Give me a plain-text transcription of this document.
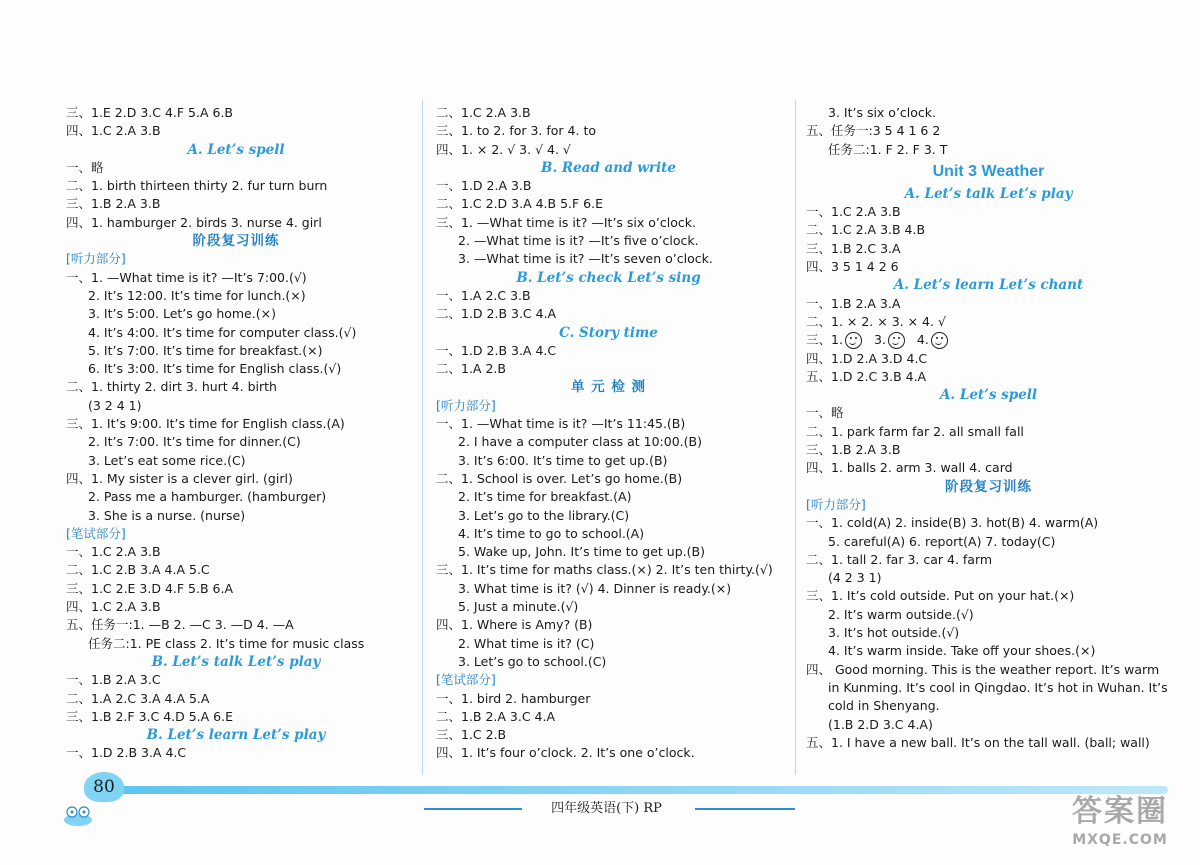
三、1.E 2.D 3.C 4.F 5.A 6.B
四、1.C 2.A 3.B
A. Let’s spell
一、略
二、1. birth thirteen thirty 2. fur turn burn
三、1.B 2.A 3.B
四、1. hamburger 2. birds 3. nurse 4. girl
阶段复习训练
[听力部分]
一、1. —What time is it? —It’s 7:00.(√)
2. It’s 12:00. It’s time for lunch.(×)
3. It’s 5:00. Let’s go home.(×)
4. It’s 4:00. It’s time for computer class.(√)
5. It’s 7:00. It’s time for breakfast.(×)
6. It’s 3:00. It’s time for English class.(√)
二、1. thirty 2. dirt 3. hurt 4. birth
(3 2 4 1)
三、1. It’s 9:00. It’s time for English class.(A)
2. It’s 7:00. It’s time for dinner.(C)
3. Let’s eat some rice.(C)
四、1. My sister is a clever girl. (girl)
2. Pass me a hamburger. (hamburger)
3. She is a nurse. (nurse)
[笔试部分]
一、1.C 2.A 3.B
二、1.C 2.B 3.A 4.A 5.C
三、1.C 2.E 3.D 4.F 5.B 6.A
四、1.C 2.A 3.B
五、任务一:1. —B 2. —C 3. —D 4. —A
任务二:1. PE class 2. It’s time for music class
B. Let’s talk Let’s play
一、1.B 2.A 3.C
二、1.A 2.C 3.A 4.A 5.A
三、1.B 2.F 3.C 4.D 5.A 6.E
B. Let’s learn Let’s play
一、1.D 2.B 3.A 4.C
二、1.C 2.A 3.B
三、1. to 2. for 3. for 4. to
四、1. × 2. √ 3. √ 4. √
B. Read and write
一、1.D 2.A 3.B
二、1.C 2.D 3.A 4.B 5.F 6.E
三、1. —What time is it? —It’s six o’clock.
2. —What time is it? —It’s five o’clock.
3. —What time is it? —It’s seven o’clock.
B. Let’s check Let’s sing
一、1.A 2.C 3.B
二、1.D 2.B 3.C 4.A
C. Story time
一、1.D 2.B 3.A 4.C
二、1.A 2.B
单 元 检 测
[听力部分]
一、1. —What time is it? —It’s 11:45.(B)
2. I have a computer class at 10:00.(B)
3. It’s 6:00. It’s time to get up.(B)
二、1. School is over. Let’s go home.(B)
2. It’s time for breakfast.(A)
3. Let’s go to the library.(C)
4. It’s time to go to school.(A)
5. Wake up, John. It’s time to get up.(B)
三、1. It’s time for maths class.(×) 2. It’s ten thirty.(√)
3. What time is it? (√) 4. Dinner is ready.(×)
5. Just a minute.(√)
四、1. Where is Amy? (B)
2. What time is it? (C)
3. Let’s go to school.(C)
[笔试部分]
一、1. bird 2. hamburger
二、1.B 2.A 3.C 4.A
三、1.C 2.B
四、1. It’s four o’clock. 2. It’s one o’clock.
3. It’s six o’clock.
五、任务一:3 5 4 1 6 2
任务二:1. F 2. F 3. T
Unit 3 Weather
A. Let’s talk Let’s play
一、1.C 2.A 3.B
二、1.C 2.A 3.B 4.B
三、1.B 2.C 3.A
四、3 5 1 4 2 6
A. Let’s learn Let’s chant
一、1.B 2.A 3.A
二、1. × 2. × 3. × 4. √
三、1. 3. 4.
四、1.D 2.A 3.D 4.C
五、1.D 2.C 3.B 4.A
A. Let’s spell
一、略
二、1. park farm far 2. all small fall
三、1.B 2.A 3.B
四、1. balls 2. arm 3. wall 4. card
阶段复习训练
[听力部分]
一、1. cold(A) 2. inside(B) 3. hot(B) 4. warm(A)
5. careful(A) 6. report(A) 7. today(C)
二、1. tall 2. far 3. car 4. farm
(4 2 3 1)
三、1. It’s cold outside. Put on your hat.(×)
2. It’s warm outside.(√)
3. It’s hot outside.(√)
4. It’s warm inside. Take off your shoes.(×)
四、 Good morning. This is the weather report. It’s warm
in Kunming. It’s cool in Qingdao. It’s hot in Wuhan. It’s
cold in Shenyang.
(1.B 2.D 3.C 4.A)
五、1. I have a new ball. It’s on the tall wall. (ball; wall)
80
四年级英语(下) RP	答案圈
MXQE.COM
